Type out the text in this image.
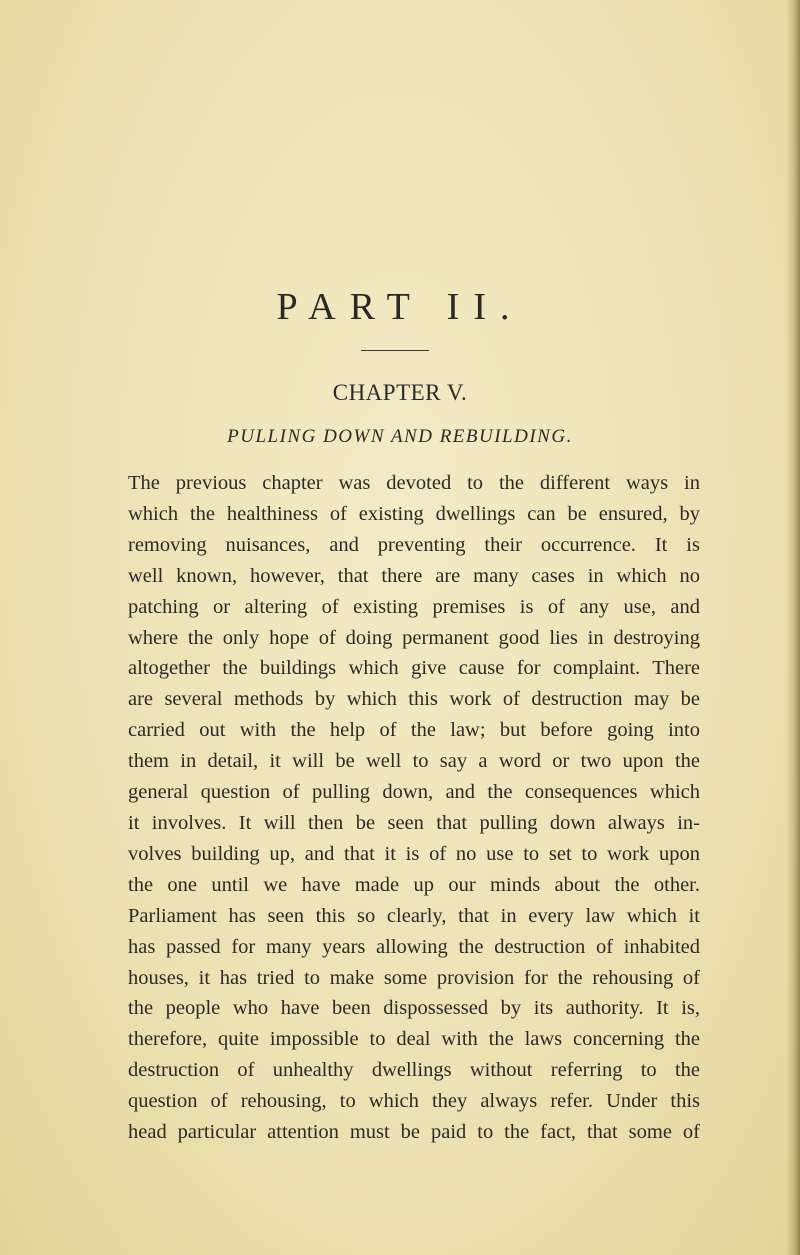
PART II.
CHAPTER V.
PULLING DOWN AND REBUILDING.
The previous chapter was devoted to the different ways in
which the healthiness of existing dwellings can be ensured, by
removing nuisances, and preventing their occurrence. It is
well known, however, that there are many cases in which no
patching or altering of existing premises is of any use, and
where the only hope of doing permanent good lies in destroying
altogether the buildings which give cause for complaint. There
are several methods by which this work of destruction may be
carried out with the help of the law; but before going into
them in detail, it will be well to say a word or two upon the
general question of pulling down, and the consequences which
it involves. It will then be seen that pulling down always in-
volves building up, and that it is of no use to set to work upon
the one until we have made up our minds about the other.
Parliament has seen this so clearly, that in every law which it
has passed for many years allowing the destruction of inhabited
houses, it has tried to make some provision for the rehousing of
the people who have been dispossessed by its authority. It is,
therefore, quite impossible to deal with the laws concerning the
destruction of unhealthy dwellings without referring to the
question of rehousing, to which they always refer. Under this
head particular attention must be paid to the fact, that some of
